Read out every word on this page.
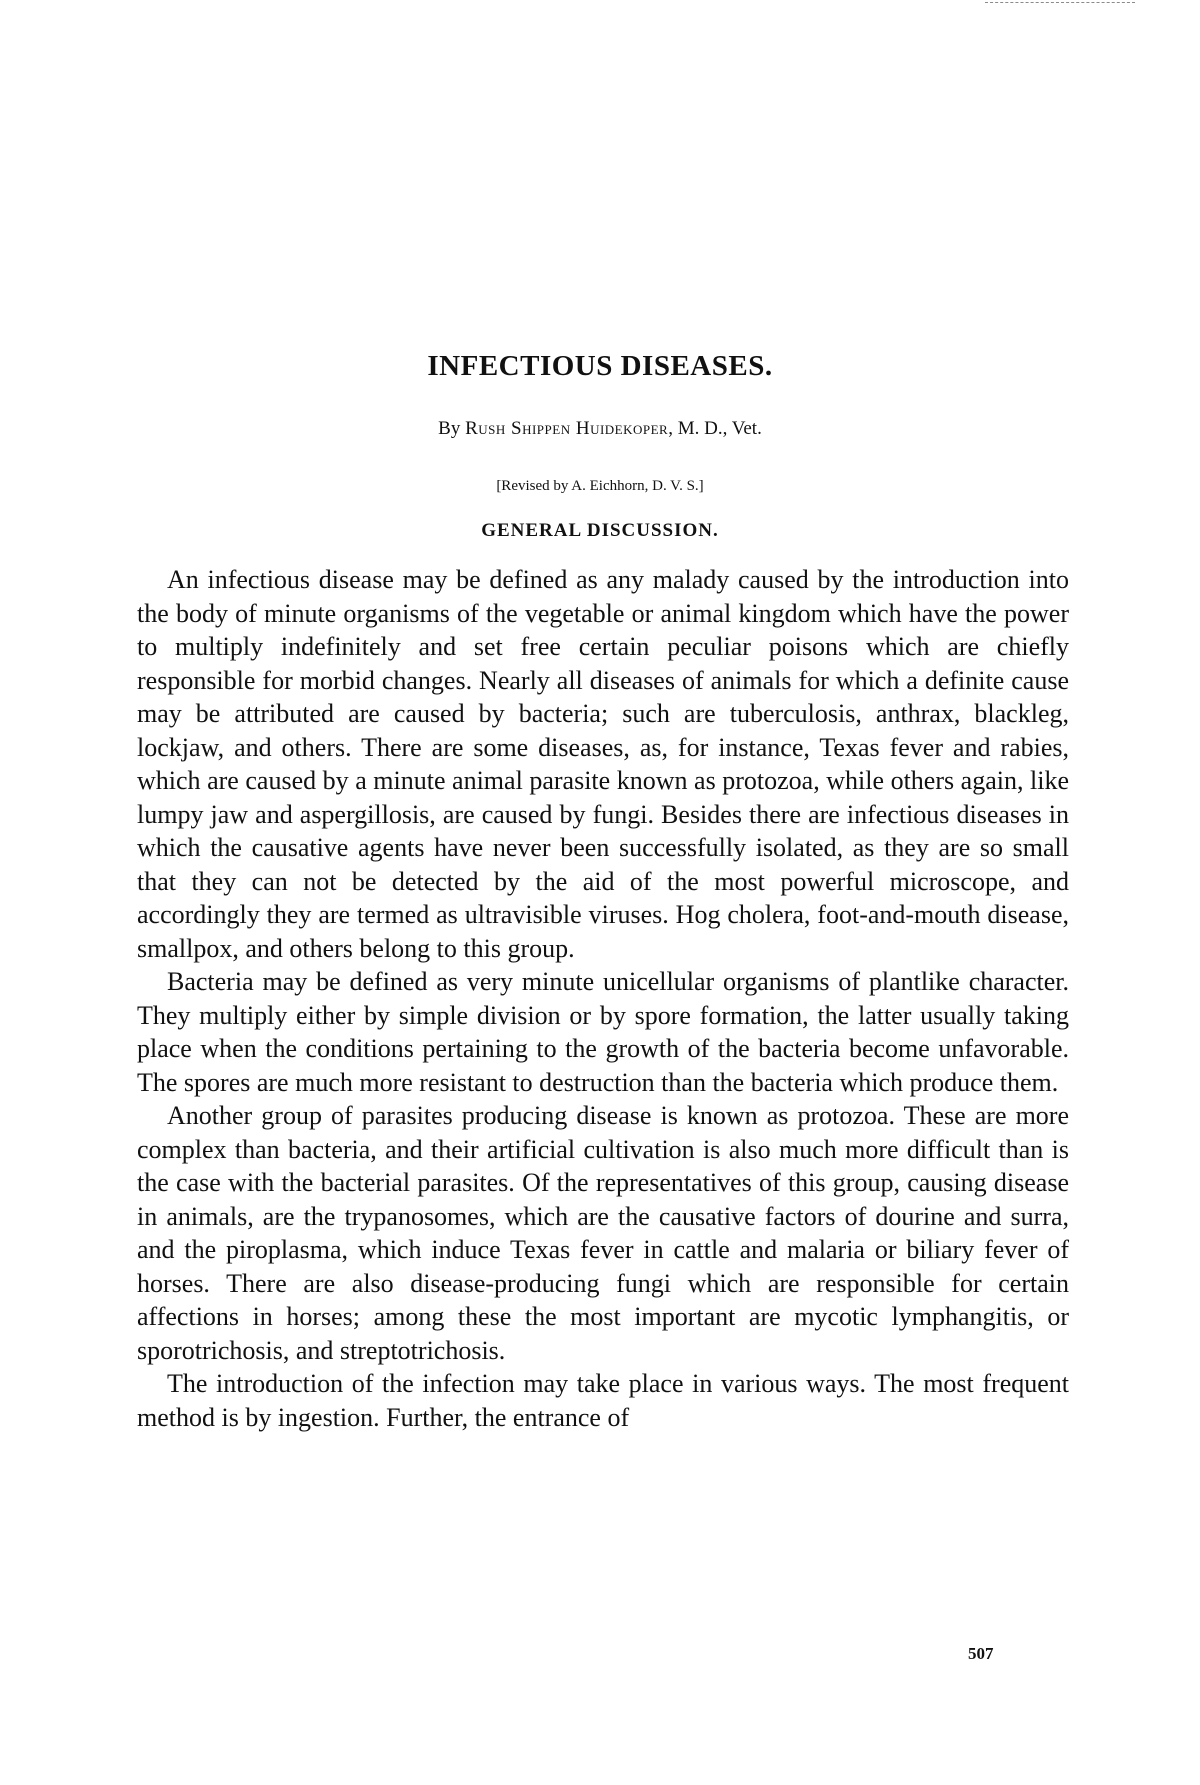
INFECTIOUS DISEASES.
By Rush Shippen Huidekoper, M. D., Vet.
[Revised by A. Eichhorn, D. V. S.]
GENERAL DISCUSSION.

An infectious disease may be defined as any malady caused by the introduction into the body of minute organisms of the vegetable or animal kingdom which have the power to multiply indefinitely and set free certain peculiar poisons which are chiefly responsible for morbid changes. Nearly all diseases of animals for which a definite cause may be attributed are caused by bacteria; such are tuberculosis, anthrax, blackleg, lockjaw, and others. There are some diseases, as, for instance, Texas fever and rabies, which are caused by a minute animal parasite known as protozoa, while others again, like lumpy jaw and aspergillosis, are caused by fungi. Besides there are infectious diseases in which the causative agents have never been successfully isolated, as they are so small that they can not be detected by the aid of the most powerful microscope, and accordingly they are termed as ultravisible viruses. Hog cholera, foot-and-mouth disease, smallpox, and others belong to this group.

Bacteria may be defined as very minute unicellular organisms of plantlike character. They multiply either by simple division or by spore formation, the latter usually taking place when the conditions pertaining to the growth of the bacteria become unfavorable. The spores are much more resistant to destruction than the bacteria which produce them.

Another group of parasites producing disease is known as protozoa. These are more complex than bacteria, and their artificial cultivation is also much more difficult than is the case with the bacterial parasites. Of the representatives of this group, causing disease in animals, are the trypanosomes, which are the causative factors of dourine and surra, and the piroplasma, which induce Texas fever in cattle and malaria or biliary fever of horses. There are also disease-producing fungi which are responsible for certain affections in horses; among these the most important are mycotic lymphangitis, or sporotrichosis, and streptotrichosis.

The introduction of the infection may take place in various ways. The most frequent method is by ingestion. Further, the entrance of

507
